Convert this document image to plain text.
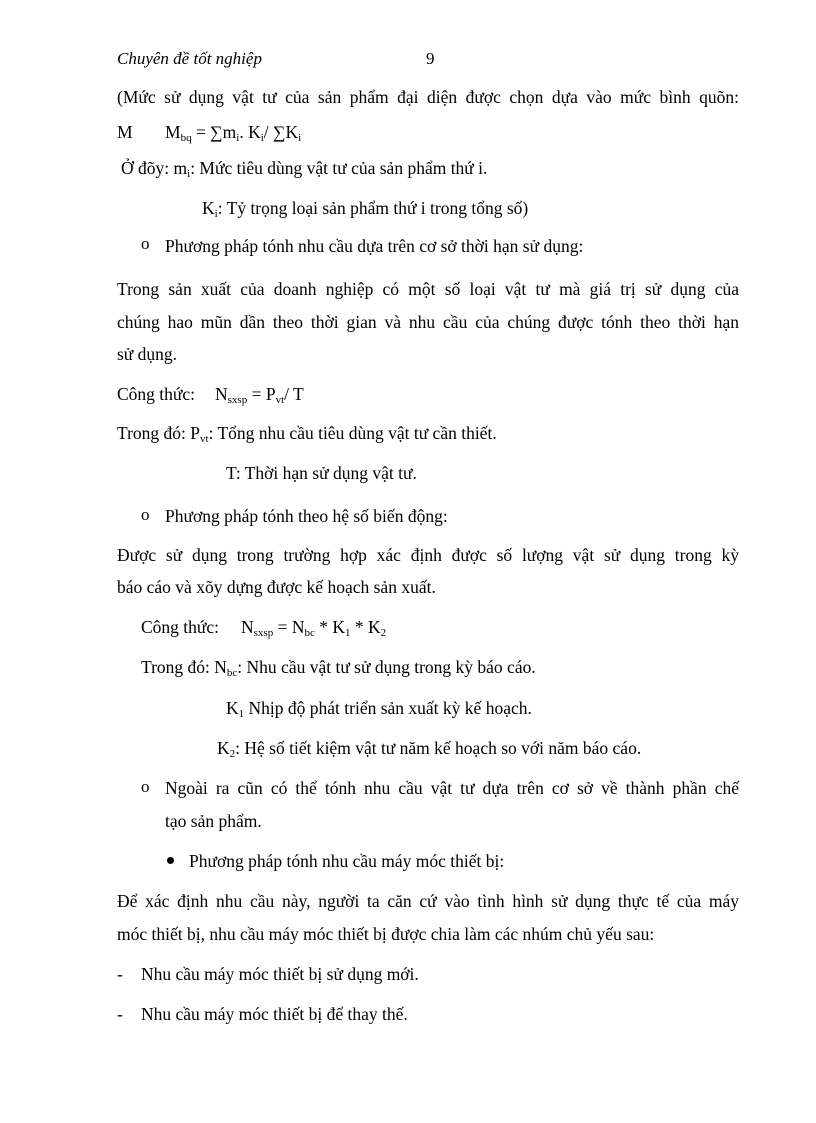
Chuyên đề tốt nghiệp	9
(Mức sử dụng vật tư của sản phẩm đại diện được chọn dựa vào mức bình quõn:
M $M_{bq} = \sum m_i$. $K_i/$ $\sum K_i$
Ở đõy: $m_i$: Mức tiêu dùng vật tư của sản phẩm thứ i.
$K_i$: Tỷ trọng loại sản phẩm thứ i trong tổng số)
o Phương pháp tónh nhu cầu dựa trên cơ sở thời hạn sử dụng:
Trong sản xuất của doanh nghiệp có một số loại vật tư mà giá trị sử dụng của
chúng hao mũn dần theo thời gian và nhu cầu của chúng được tónh theo thời hạn
sử dụng.
Công thức: $N_{sxsp} = P_{vt}/$ T
Trong đó: $P_{vt}$: Tổng nhu cầu tiêu dùng vật tư cần thiết.
T: Thời hạn sử dụng vật tư.
o Phương pháp tónh theo hệ số biến động:
Được sử dụng trong trường hợp xác định được số lượng vật sử dụng trong kỳ
báo cáo và xõy dựng được kế hoạch sản xuất.
Công thức: $N_{sxsp} = N_{bc} * K_1 * K_2$
Trong đó: $N_{bc}$: Nhu cầu vật tư sử dụng trong kỳ báo cáo.
$K_1$ Nhịp độ phát triển sản xuất kỳ kế hoạch.
$K_2$: Hệ số tiết kiệm vật tư năm kế hoạch so với năm báo cáo.
o Ngoài ra cũn có thể tónh nhu cầu vật tư dựa trên cơ sở về thành phần chế
tạo sản phẩm.
Phương pháp tónh nhu cầu máy móc thiết bị:
Để xác định nhu cầu này, người ta căn cứ vào tình hình sử dụng thực tế của máy
móc thiết bị, nhu cầu máy móc thiết bị được chia làm các nhúm chủ yếu sau:
- Nhu cầu máy móc thiết bị sử dụng mới.
- Nhu cầu máy móc thiết bị để thay thế.
